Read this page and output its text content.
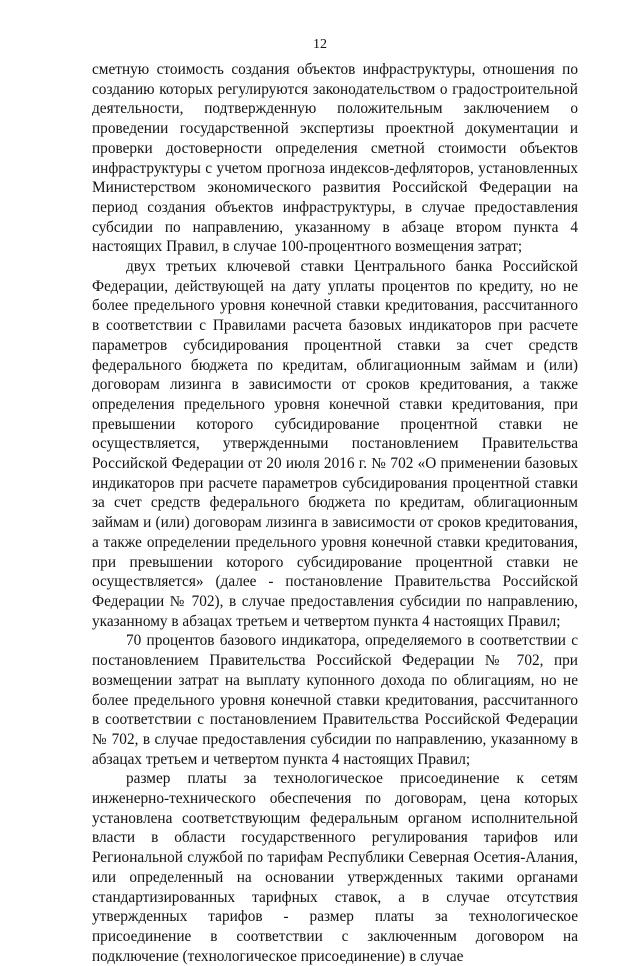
12

сметную стоимость создания объектов инфраструктуры, отношения по созданию которых регулируются законодательством о градостроительной деятельности, подтвержденную положительным заключением о проведении государственной экспертизы проектной документации и проверки достоверности определения сметной стоимости объектов инфраструктуры с учетом прогноза индексов-дефляторов, установленных Министерством экономического развития Российской Федерации на период создания объектов инфраструктуры, в случае предоставления субсидии по направлению, указанному в абзаце втором пункта 4 настоящих Правил, в случае 100-процентного возмещения затрат;

двух третьих ключевой ставки Центрального банка Российской Федерации, действующей на дату уплаты процентов по кредиту, но не более предельного уровня конечной ставки кредитования, рассчитанного в соответствии с Правилами расчета базовых индикаторов при расчете параметров субсидирования процентной ставки за счет средств федерального бюджета по кредитам, облигационным займам и (или) договорам лизинга в зависимости от сроков кредитования, а также определения предельного уровня конечной ставки кредитования, при превышении которого субсидирование процентной ставки не осуществляется, утвержденными постановлением Правительства Российской Федерации от 20 июля 2016 г. № 702 «О применении базовых индикаторов при расчете параметров субсидирования процентной ставки за счет средств федерального бюджета по кредитам, облигационным займам и (или) договорам лизинга в зависимости от сроков кредитования, а также определении предельного уровня конечной ставки кредитования, при превышении которого субсидирование процентной ставки не осуществляется» (далее - постановление Правительства Российской Федерации № 702), в случае предоставления субсидии по направлению, указанному в абзацах третьем и четвертом пункта 4 настоящих Правил;

70 процентов базового индикатора, определяемого в соответствии с постановлением Правительства Российской Федерации № 702, при возмещении затрат на выплату купонного дохода по облигациям, но не более предельного уровня конечной ставки кредитования, рассчитанного в соответствии с постановлением Правительства Российской Федерации № 702, в случае предоставления субсидии по направлению, указанному в абзацах третьем и четвертом пункта 4 настоящих Правил;

размер платы за технологическое присоединение к сетям инженерно-технического обеспечения по договорам, цена которых установлена соответствующим федеральным органом исполнительной власти в области государственного регулирования тарифов или Региональной службой по тарифам Республики Северная Осетия-Алания, или определенный на основании утвержденных такими органами стандартизированных тарифных ставок, а в случае отсутствия утвержденных тарифов - размер платы за технологическое присоединение в соответствии с заключенным договором на подключение (технологическое присоединение) в случае
